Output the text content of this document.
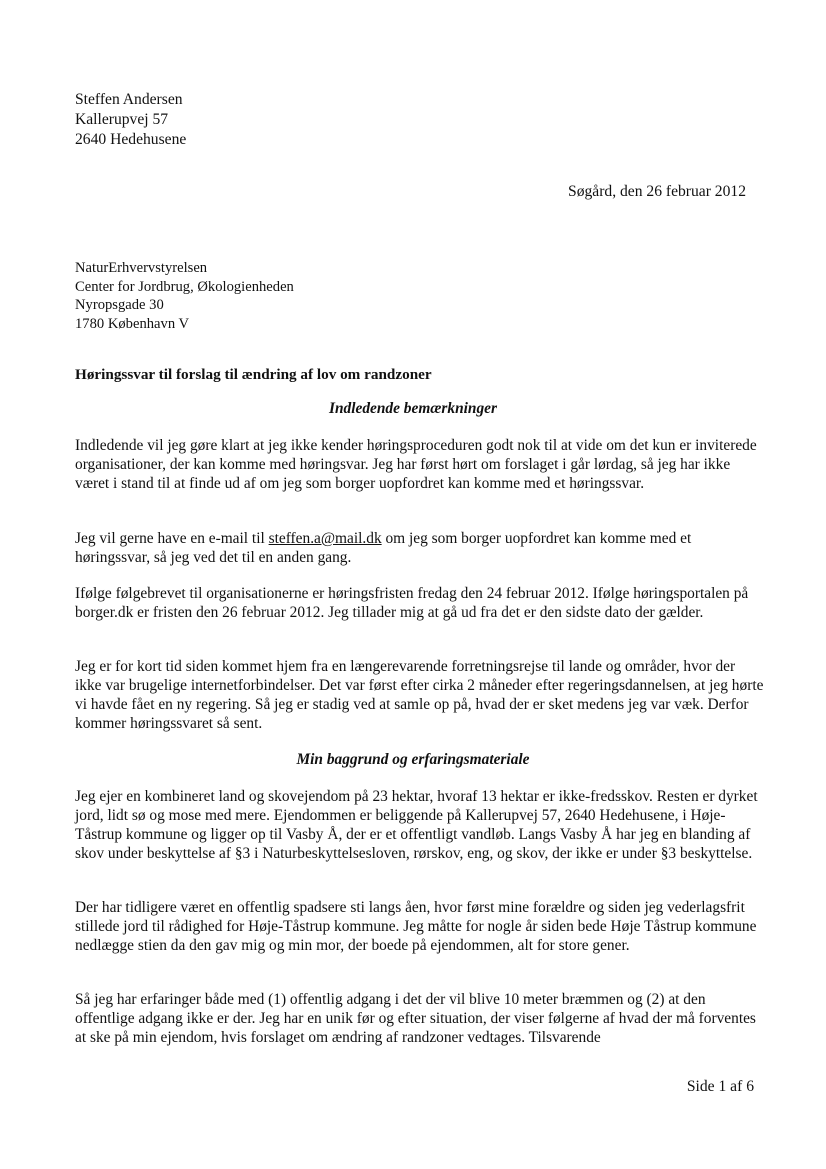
Steffen Andersen
Kallerupvej 57
2640 Hedehusene
Søgård, den 26 februar 2012
NaturErhvervstyrelsen
Center for Jordbrug, Økologienheden
Nyropsgade 30
1780 København V
Høringssvar til forslag til ændring af lov om randzoner
Indledende bemærkninger
Indledende vil jeg gøre klart at jeg ikke kender høringsproceduren godt nok til at vide om det kun er inviterede organisationer, der kan komme med høringsvar. Jeg har først hørt om forslaget i går lørdag, så jeg har ikke været i stand til at finde ud af om jeg som borger uopfordret kan komme med et høringssvar.
Jeg vil gerne have en e-mail til steffen.a@mail.dk om jeg som borger uopfordret kan komme med et høringssvar, så jeg ved det til en anden gang.
Ifølge følgebrevet til organisationerne er høringsfristen fredag den 24 februar 2012. Ifølge høringsportalen på borger.dk er fristen den 26 februar 2012. Jeg tillader mig at gå ud fra det er den sidste dato der gælder.
Jeg er for kort tid siden kommet hjem fra en længerevarende forretningsrejse til lande og områder, hvor der ikke var brugelige internetforbindelser. Det var først efter cirka 2 måneder efter regeringsdannelsen, at jeg hørte vi havde fået en ny regering. Så jeg er stadig ved at samle op på, hvad der er sket medens jeg var væk. Derfor kommer høringssvaret så sent.
Min baggrund og erfaringsmateriale
Jeg ejer en kombineret land og skovejendom på 23 hektar, hvoraf 13 hektar er ikke-fredsskov. Resten er dyrket jord, lidt sø og mose med mere. Ejendommen er beliggende på Kallerupvej 57, 2640 Hedehusene, i Høje-Tåstrup kommune og ligger op til Vasby Å, der er et offentligt vandløb. Langs Vasby Å har jeg en blanding af skov under beskyttelse af §3 i Naturbeskyttelsesloven, rørskov, eng, og skov, der ikke er under §3 beskyttelse.
Der har tidligere været en offentlig spadsere sti langs åen, hvor først mine forældre og siden jeg vederlagsfrit stillede jord til rådighed for Høje-Tåstrup kommune. Jeg måtte for nogle år siden bede Høje Tåstrup kommune nedlægge stien da den gav mig og min mor, der boede på ejendommen, alt for store gener.
Så jeg har erfaringer både med (1) offentlig adgang i det der vil blive 10 meter bræmmen og (2) at den offentlige adgang ikke er der. Jeg har en unik før og efter situation, der viser følgerne af hvad der må forventes at ske på min ejendom, hvis forslaget om ændring af randzoner vedtages. Tilsvarende
Side 1 af 6
